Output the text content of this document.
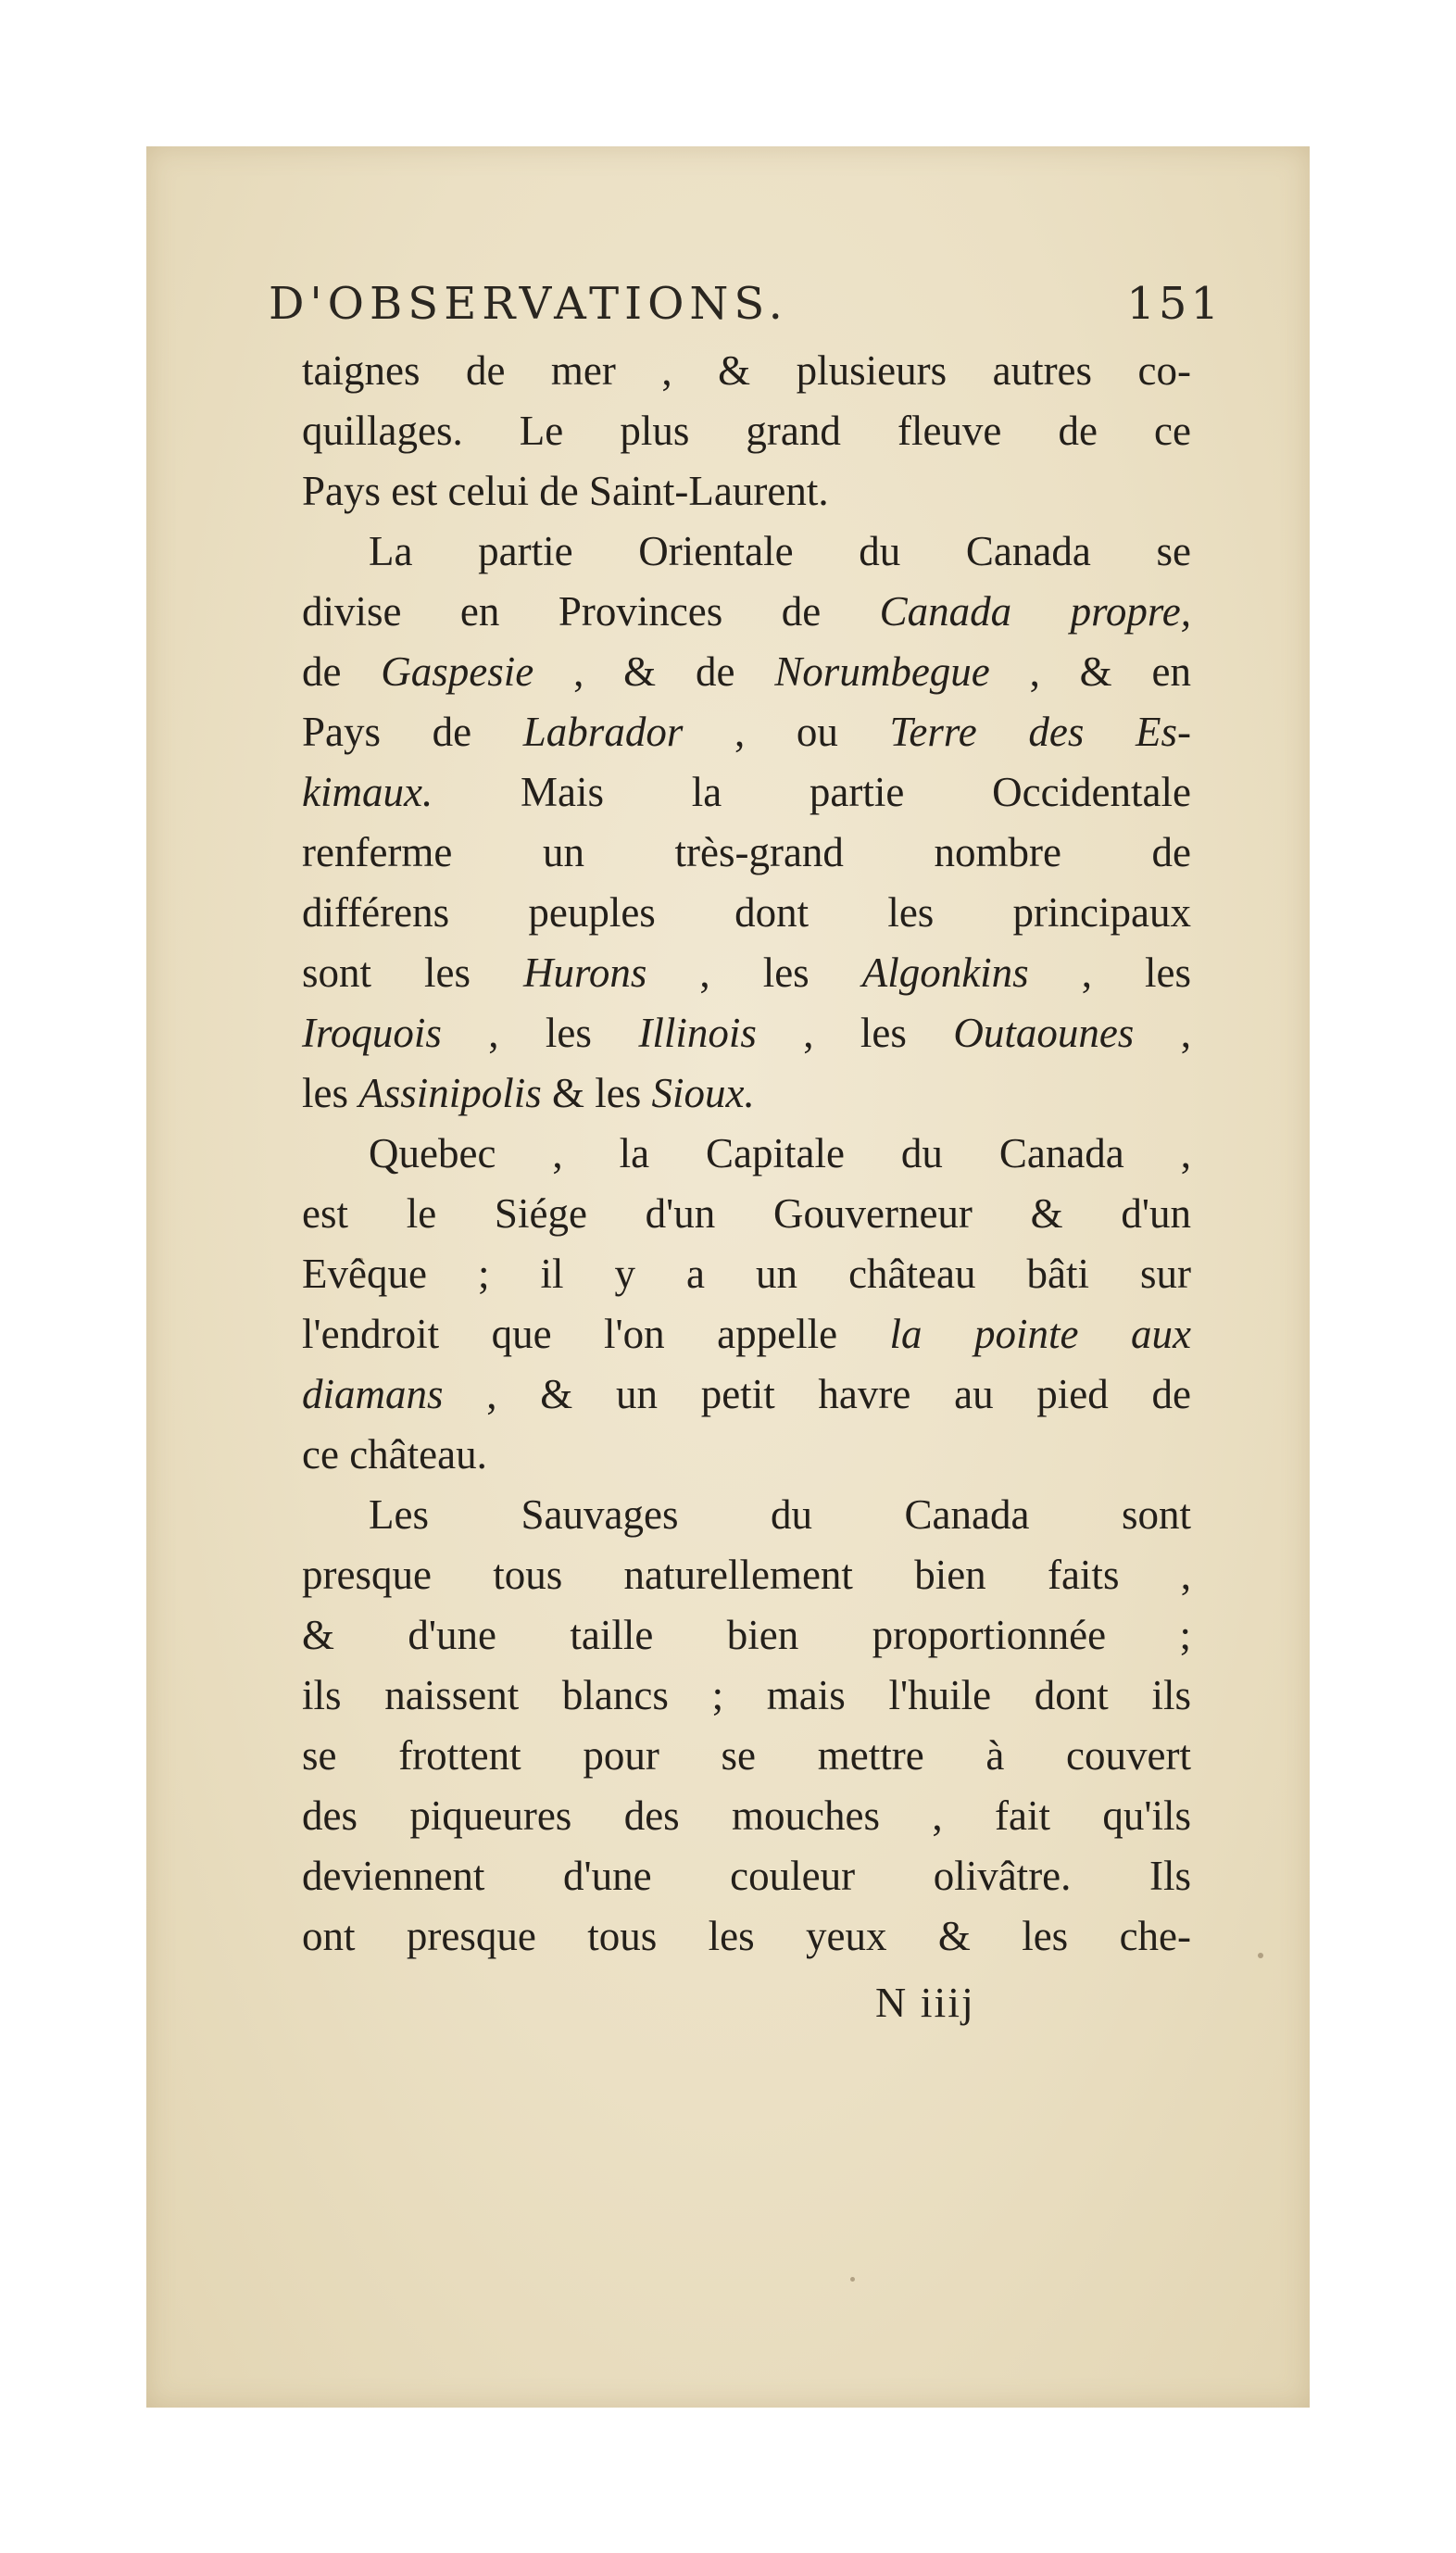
D'OBSERVATIONS.	151
taignes de mer , & plusieurs autres co-
quillages. Le plus grand fleuve de ce
Pays est celui de Saint-Laurent.
La partie Orientale du Canada se
divise en Provinces de Canada propre,
de Gaspesie , & de Norumbegue , & en
Pays de Labrador , ou Terre des Es-
kimaux. Mais la partie Occidentale
renferme un très-grand nombre de
différens peuples dont les principaux
sont les Hurons , les Algonkins , les
Iroquois , les Illinois , les Outaounes ,
les Assinipolis & les Sioux.
Quebec , la Capitale du Canada ,
est le Siége d'un Gouverneur & d'un
Evêque ; il y a un château bâti sur
l'endroit que l'on appelle la pointe aux
diamans , & un petit havre au pied de
ce château.
Les Sauvages du Canada sont
presque tous naturellement bien faits ,
& d'une taille bien proportionnée ;
ils naissent blancs ; mais l'huile dont ils
se frottent pour se mettre à couvert
des piqueures des mouches , fait qu'ils
deviennent d'une couleur olivâtre. Ils
ont presque tous les yeux & les che-
N iiij
